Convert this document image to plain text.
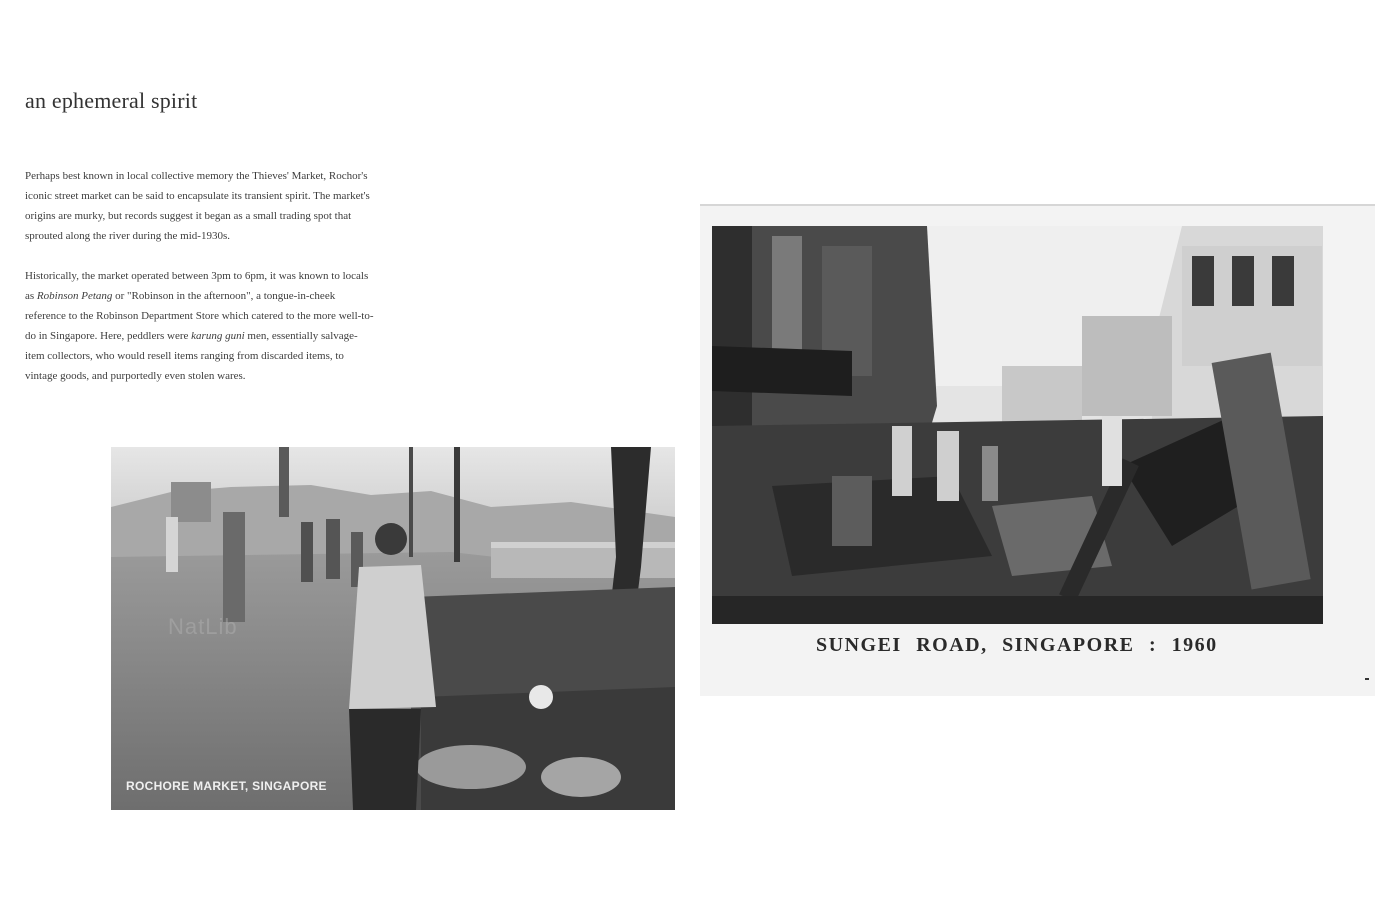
an ephemeral spirit

Perhaps best known in local collective memory the Thieves' Market, Rochor's iconic street market can be said to encapsulate its transient spirit. The market's origins are murky, but records suggest it began as a small trading spot that sprouted along the river during the mid-1930s.

Historically, the market operated between 3pm to 6pm, it was known to locals as Robinson Petang or "Robinson in the afternoon", a tongue-in-cheek reference to the Robinson Department Store which catered to the more well-to-do in Singapore. Here, peddlers were karung guni men, essentially salvage-item collectors, who would resell items ranging from discarded items, to vintage goods, and purportedly even stolen wares.

NatLib
ROCHORE MARKET, SINGAPORE
SUNGEI ROAD, SINGAPORE : 1960
